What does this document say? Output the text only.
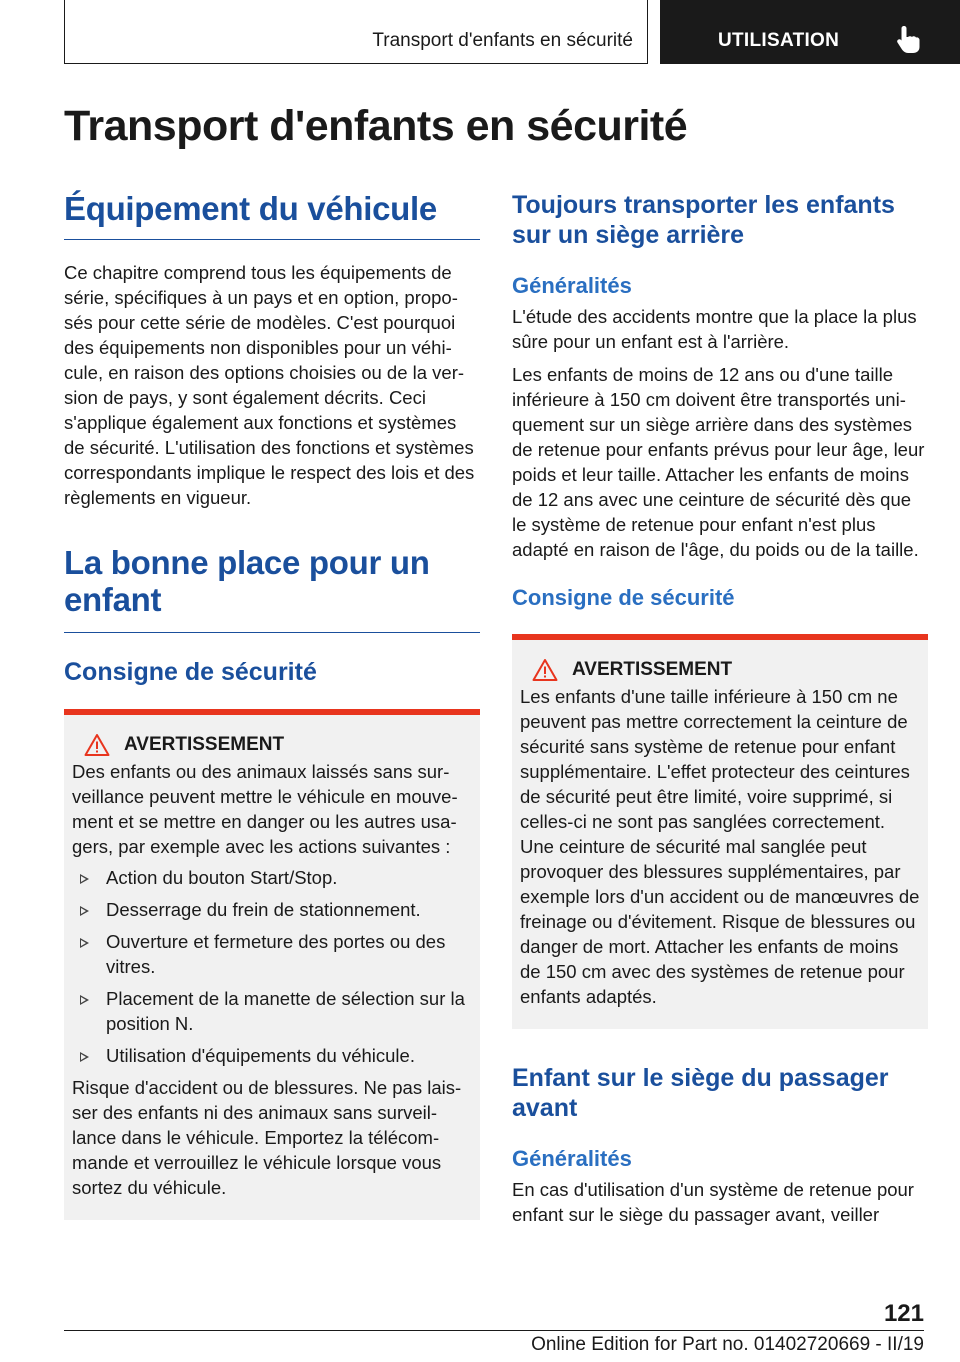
Transport d'enfants en sécurité	UTILISATION
Transport d'enfants en sécurité
Équipement du véhicule

Ce chapitre comprend tous les équipements de série, spécifiques à un pays et en option, proposés pour cette série de modèles. C'est pourquoi des équipements non disponibles pour un véhicule, en raison des options choisies ou de la version de pays, y sont également décrits. Ceci s'applique également aux fonctions et systèmes de sécurité. L'utilisation des fonctions et systèmes correspondants implique le respect des lois et des règlements en vigueur.

La bonne place pour un enfant
Consigne de sécurité
AVERTISSEMENT

Des enfants ou des animaux laissés sans surveillance peuvent mettre le véhicule en mouvement et se mettre en danger ou les autres usagers, par exemple avec les actions suivantes :

Action du bouton Start/Stop.
Desserrage du frein de stationnement.
Ouverture et fermeture des portes ou des vitres.
Placement de la manette de sélection sur la position N.
Utilisation d'équipements du véhicule.

Risque d'accident ou de blessures. Ne pas laisser des enfants ni des animaux sans surveillance dans le véhicule. Emportez la télécommande et verrouillez le véhicule lorsque vous sortez du véhicule.

Toujours transporter les enfants sur un siège arrière
Généralités

L'étude des accidents montre que la place la plus sûre pour un enfant est à l'arrière.

Les enfants de moins de 12 ans ou d'une taille inférieure à 150 cm doivent être transportés uniquement sur un siège arrière dans des systèmes de retenue pour enfants prévus pour leur âge, leur poids et leur taille. Attacher les enfants de moins de 12 ans avec une ceinture de sécurité dès que le système de retenue pour enfant n'est plus adapté en raison de l'âge, du poids ou de la taille.

Consigne de sécurité
AVERTISSEMENT

Les enfants d'une taille inférieure à 150 cm ne peuvent pas mettre correctement la ceinture de sécurité sans système de retenue pour enfant supplémentaire. L'effet protecteur des ceintures de sécurité peut être limité, voire supprimé, si celles-ci ne sont pas sanglées correctement. Une ceinture de sécurité mal sanglée peut provoquer des blessures supplémentaires, par exemple lors d'un accident ou de manœuvres de freinage ou d'évitement. Risque de blessures ou danger de mort. Attacher les enfants de moins de 150 cm avec des systèmes de retenue pour enfants adaptés.

Enfant sur le siège du passager avant
Généralités

En cas d'utilisation d'un système de retenue pour enfant sur le siège du passager avant, veiller

121
Online Edition for Part no. 01402720669 - II/19
